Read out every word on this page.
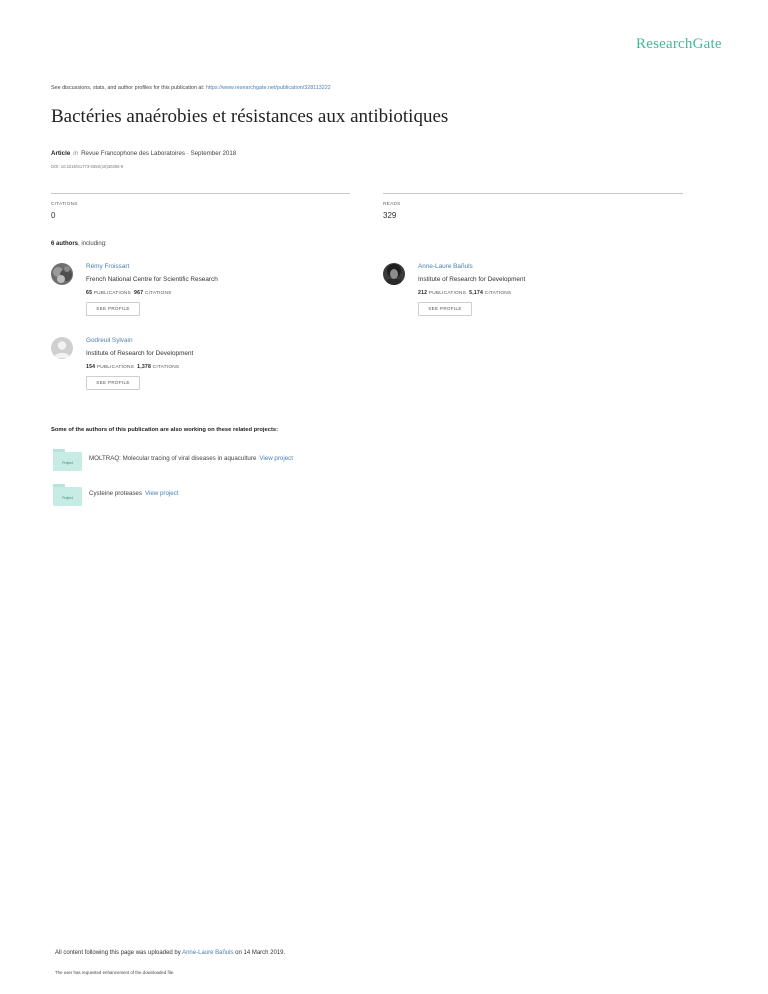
ResearchGate
See discussions, stats, and author profiles for this publication at: https://www.researchgate.net/publication/328113222
Bactéries anaérobies et résistances aux antibiotiques
Article in Revue Francophone des Laboratoires · September 2018
DOI: 10.1016/S1773-035X(18)30256-9
CITATIONS
0
READS
329
6 authors, including:
Rémy Froissart
French National Centre for Scientific Research
65 PUBLICATIONS 967 CITATIONS
SEE PROFILE
Anne-Laure Bañuls
Institute of Research for Development
212 PUBLICATIONS 5,174 CITATIONS
SEE PROFILE
Godreuil Sylvain
Institute of Research for Development
154 PUBLICATIONS 1,378 CITATIONS
SEE PROFILE
Some of the authors of this publication are also working on these related projects:
Project
MOLTRAQ: Molecular tracing of viral diseases in aquaculture View project
Project
Cysteine proteases View project
All content following this page was uploaded by Anne-Laure Bañuls on 14 March 2019.
The user has requested enhancement of the downloaded file.
